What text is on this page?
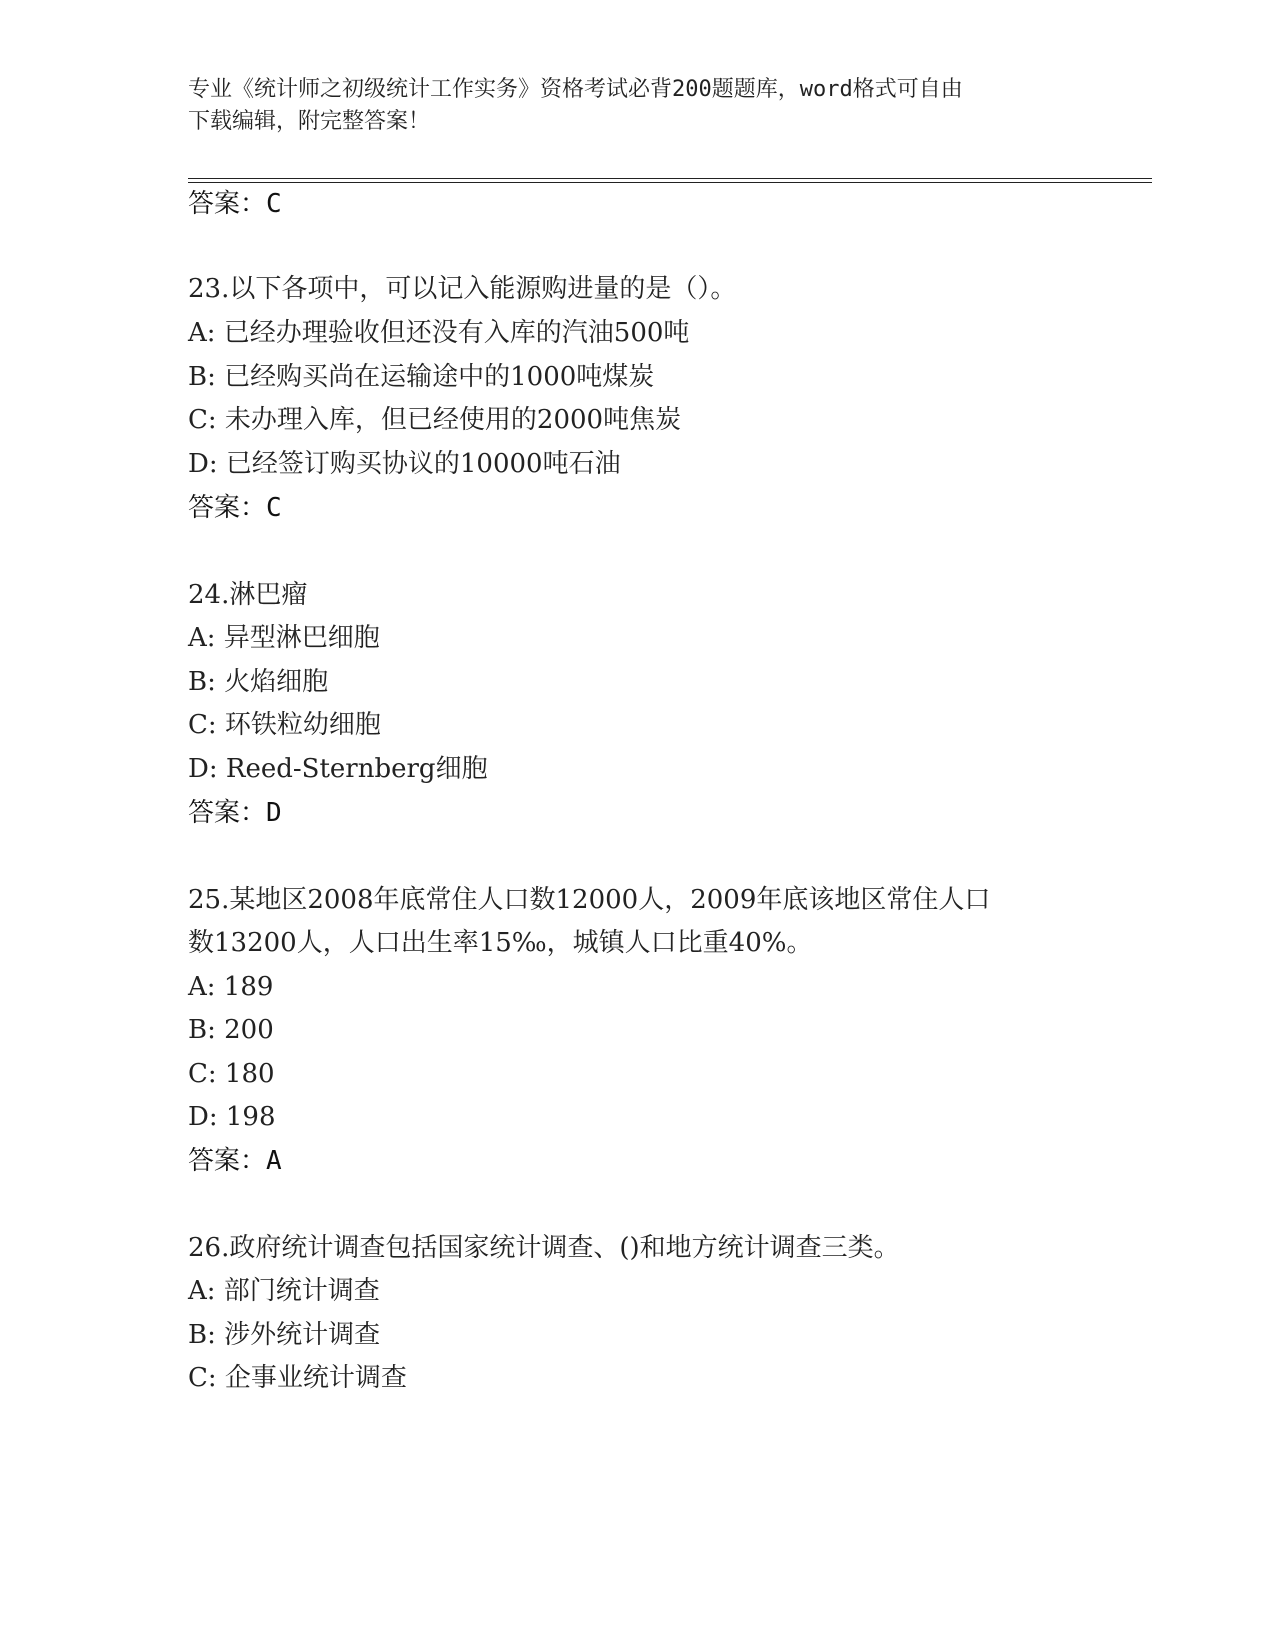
专业《统计师之初级统计工作实务》资格考试必背200题题库，word格式可自由
下载编辑，附完整答案！
答案：C
23.以下各项中，可以记入能源购进量的是（）。
A: 已经办理验收但还没有入库的汽油500吨
B: 已经购买尚在运输途中的1000吨煤炭
C: 未办理入库，但已经使用的2000吨焦炭
D: 已经签订购买协议的10000吨石油
答案：C
24.淋巴瘤
A: 异型淋巴细胞
B: 火焰细胞
C: 环铁粒幼细胞
D: Reed-Sternberg细胞
答案：D
25.某地区2008年底常住人口数12000人，2009年底该地区常住人口
数13200人，人口出生率15‰，城镇人口比重40%。
A: 189
B: 200
C: 180
D: 198
答案：A
26.政府统计调查包括国家统计调查、()和地方统计调查三类。
A: 部门统计调查
B: 涉外统计调查
C: 企事业统计调查
